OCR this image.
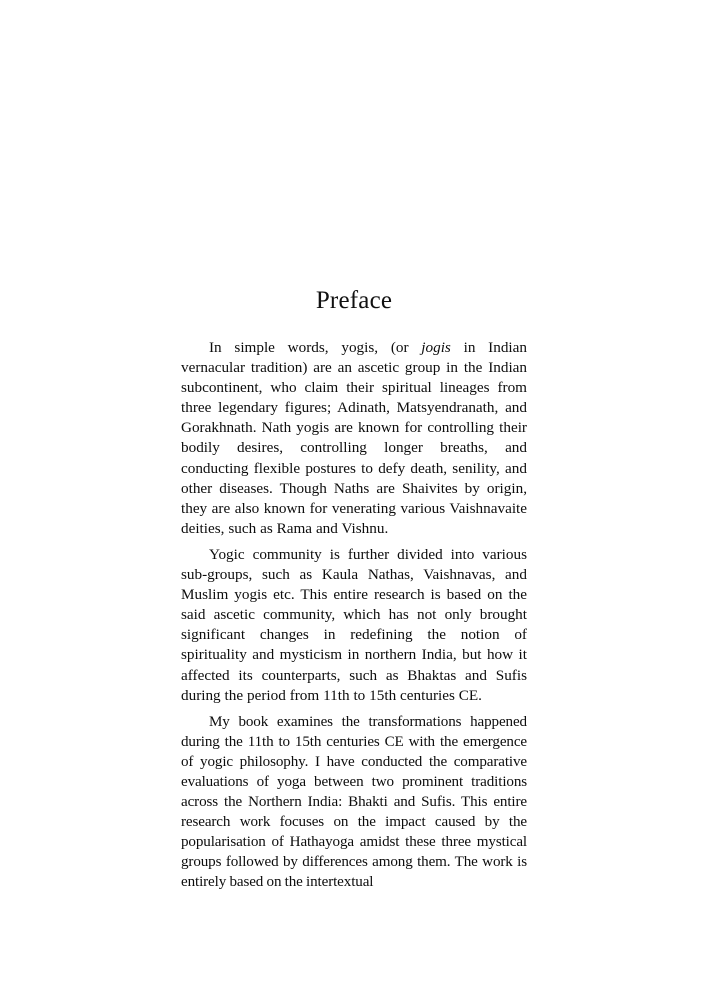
Preface

In simple words, yogis, (or jogis in Indian vernacular tradition) are an ascetic group in the Indian subcontinent, who claim their spiritual lineages from three legendary figures; Adinath, Matsyendranath, and Gorakhnath. Nath yogis are known for controlling their bodily desires, controlling longer breaths, and conducting flexible postures to defy death, senility, and other diseases. Though Naths are Shaivites by origin, they are also known for venerating various Vaishnavaite deities, such as Rama and Vishnu.

Yogic community is further divided into various sub-groups, such as Kaula Nathas, Vaishnavas, and Muslim yogis etc. This entire research is based on the said ascetic community, which has not only brought significant changes in redefining the notion of spirituality and mysticism in northern India, but how it affected its counterparts, such as Bhaktas and Sufis during the period from 11th to 15th centuries CE.

My book examines the transformations happened during the 11th to 15th centuries CE with the emergence of yogic philosophy. I have conducted the comparative evaluations of yoga between two prominent traditions across the Northern India: Bhakti and Sufis. This entire research work focuses on the impact caused by the popularisation of Hathayoga amidst these three mystical groups followed by differences among them. The work is entirely based on the intertextual
